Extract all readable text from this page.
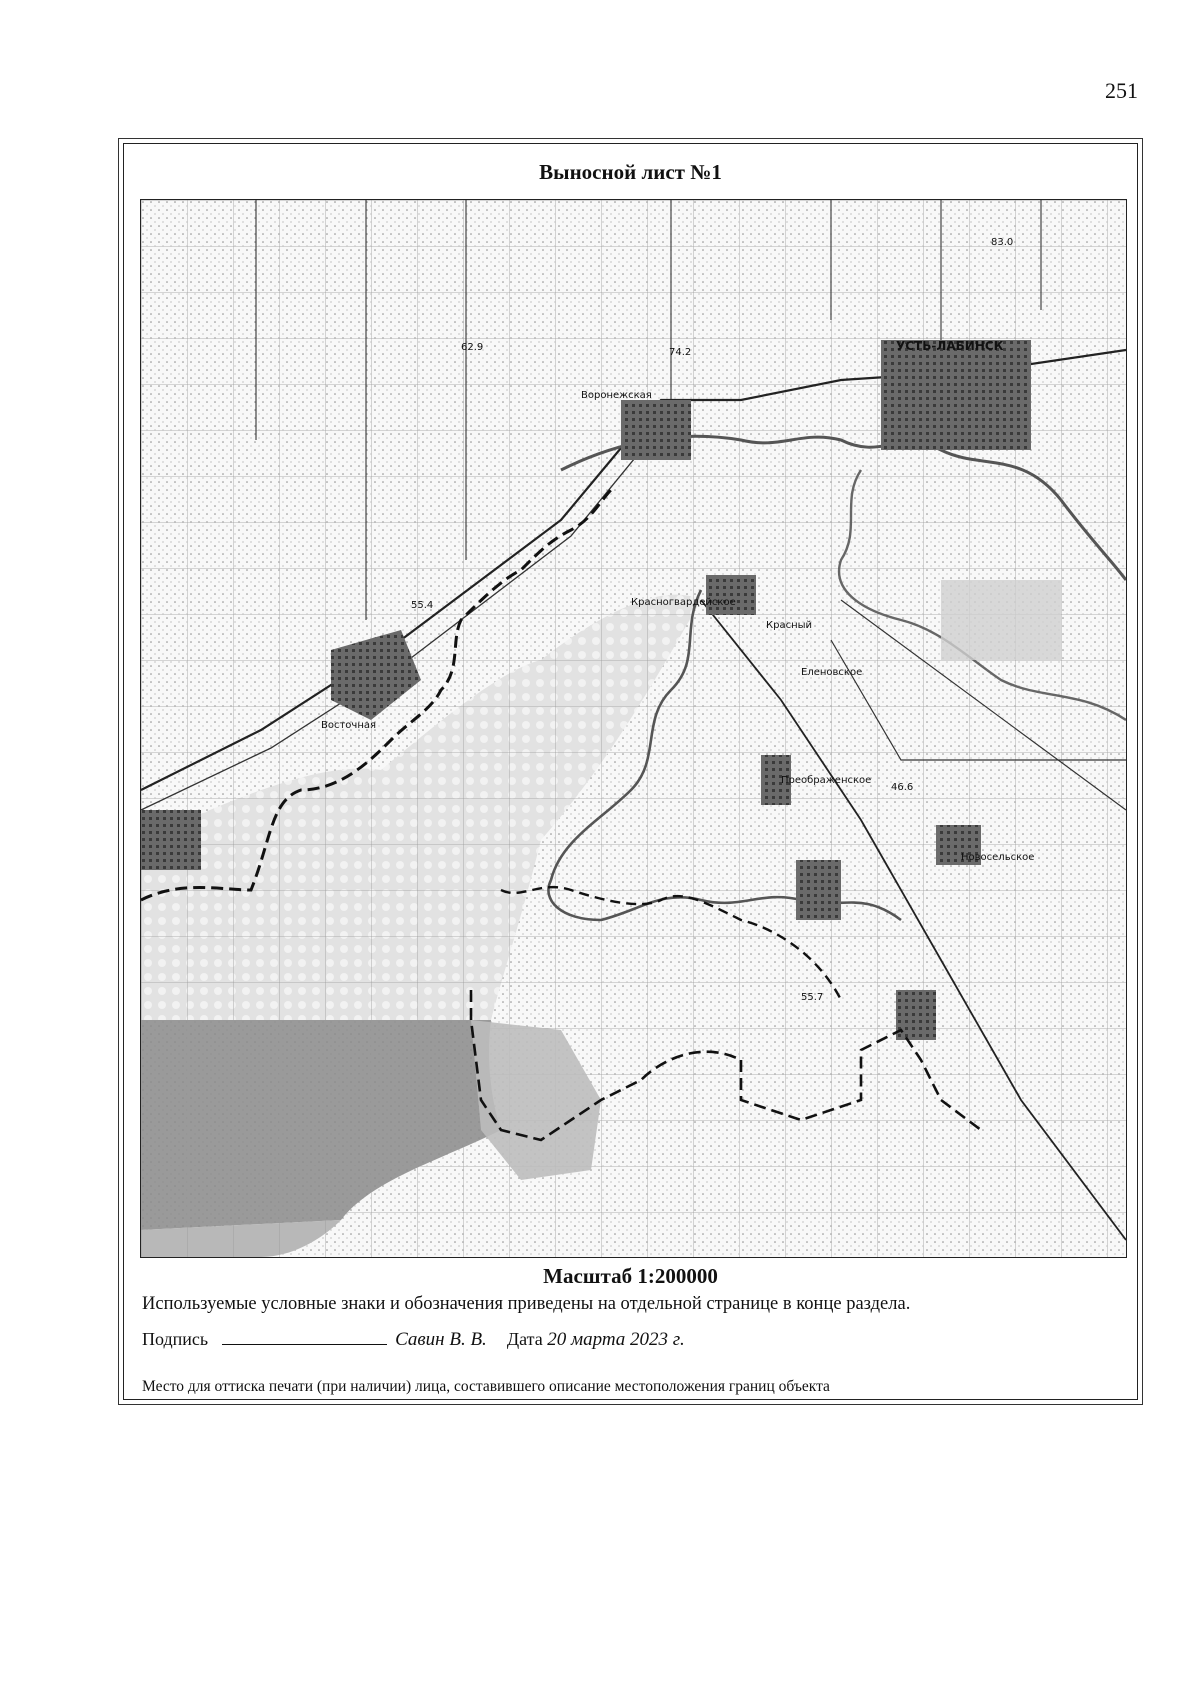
251
Выносной лист №1
УСТЬ-ЛАБИНСК
Воронежская
Красногвардейское
Восточная
Преображенское
Новосельское
Красный
Еленовское
74.2
83.0
62.9
55.4
46.6
55.7
Масштаб 1:200000
Используемые условные знаки и обозначения приведены на отдельной странице в конце раздела.
Подпись	Савин В. В. Дата 20 марта 2023 г.
Место для оттиска печати (при наличии) лица, составившего описание местоположения границ объекта
